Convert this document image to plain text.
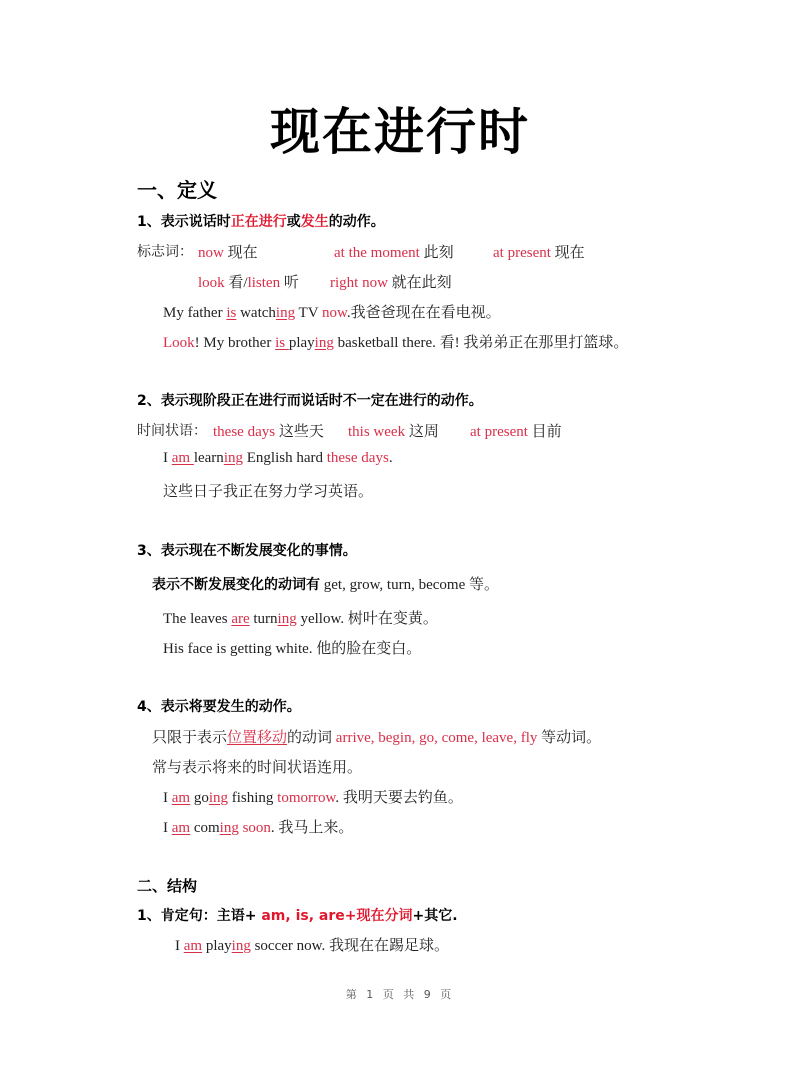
现在进行时
一、定义
1、表示说话时正在进行或发生的动作。
标志词： now 现在	at the moment 此刻	at present 现在
look 看/listen 听 right now 就在此刻
My father is watching TV now.我爸爸现在在看电视。
Look! My brother is playing basketball there. 看! 我弟弟正在那里打篮球。
2、表示现阶段正在进行而说话时不一定在进行的动作。
时间状语： these days 这些天 this week 这周 at present 目前
I am learning English hard these days.
这些日子我正在努力学习英语。
3、表示现在不断发展变化的事情。
表示不断发展变化的动词有 get, grow, turn, become 等。
The leaves are turning yellow. 树叶在变黄。
His face is getting white. 他的脸在变白。
4、表示将要发生的动作。
只限于表示位置移动的动词 arrive, begin, go, come, leave, fly 等动词。
常与表示将来的时间状语连用。
I am going fishing tomorrow. 我明天要去钓鱼。
I am coming soon. 我马上来。
二、结构
1、肯定句：主语+ am, is, are+现在分词+其它.
I am playing soccer now. 我现在在踢足球。
第 1 页 共 9 页
